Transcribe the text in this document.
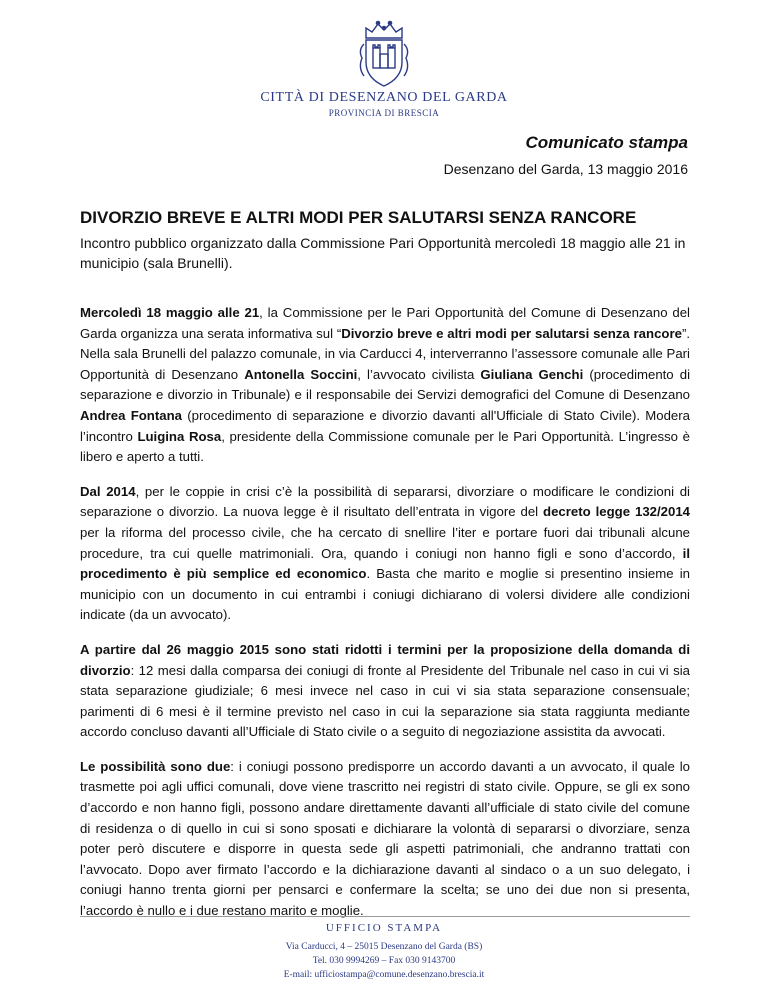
CITTÀ DI DESENZANO DEL GARDA
PROVINCIA DI BRESCIA
Comunicato stampa
Desenzano del Garda, 13 maggio 2016
DIVORZIO BREVE E ALTRI MODI PER SALUTARSI SENZA RANCORE
Incontro pubblico organizzato dalla Commissione Pari Opportunità mercoledì 18 maggio alle 21 in municipio (sala Brunelli).

Mercoledì 18 maggio alle 21, la Commissione per le Pari Opportunità del Comune di Desenzano del Garda organizza una serata informativa sul “Divorzio breve e altri modi per salutarsi senza rancore”. Nella sala Brunelli del palazzo comunale, in via Carducci 4, interverranno l’assessore comunale alle Pari Opportunità di Desenzano Antonella Soccini, l’avvocato civilista Giuliana Genchi (procedimento di separazione e divorzio in Tribunale) e il responsabile dei Servizi demografici del Comune di Desenzano Andrea Fontana (procedimento di separazione e divorzio davanti all'Ufficiale di Stato Civile). Modera l’incontro Luigina Rosa, presidente della Commissione comunale per le Pari Opportunità. L’ingresso è libero e aperto a tutti.

Dal 2014, per le coppie in crisi c’è la possibilità di separarsi, divorziare o modificare le condizioni di separazione o divorzio. La nuova legge è il risultato dell’entrata in vigore del decreto legge 132/2014 per la riforma del processo civile, che ha cercato di snellire l’iter e portare fuori dai tribunali alcune procedure, tra cui quelle matrimoniali. Ora, quando i coniugi non hanno figli e sono d’accordo, il procedimento è più semplice ed economico. Basta che marito e moglie si presentino insieme in municipio con un documento in cui entrambi i coniugi dichiarano di volersi dividere alle condizioni indicate (da un avvocato).

A partire dal 26 maggio 2015 sono stati ridotti i termini per la proposizione della domanda di divorzio: 12 mesi dalla comparsa dei coniugi di fronte al Presidente del Tribunale nel caso in cui vi sia stata separazione giudiziale; 6 mesi invece nel caso in cui vi sia stata separazione consensuale; parimenti di 6 mesi è il termine previsto nel caso in cui la separazione sia stata raggiunta mediante accordo concluso davanti all’Ufficiale di Stato civile o a seguito di negoziazione assistita da avvocati.

Le possibilità sono due: i coniugi possono predisporre un accordo davanti a un avvocato, il quale lo trasmette poi agli uffici comunali, dove viene trascritto nei registri di stato civile. Oppure, se gli ex sono d’accordo e non hanno figli, possono andare direttamente davanti all’ufficiale di stato civile del comune di residenza o di quello in cui si sono sposati e dichiarare la volontà di separarsi o divorziare, senza poter però discutere e disporre in questa sede gli aspetti patrimoniali, che andranno trattati con l’avvocato. Dopo aver firmato l’accordo e la dichiarazione davanti al sindaco o a un suo delegato, i coniugi hanno trenta giorni per pensarci e confermare la scelta; se uno dei due non si presenta, l’accordo è nullo e i due restano marito e moglie.

UFFICIO STAMPA
Via Carducci, 4 – 25015 Desenzano del Garda (BS)
Tel. 030 9994269 – Fax 030 9143700
E-mail: ufficiostampa@comune.desenzano.brescia.it
